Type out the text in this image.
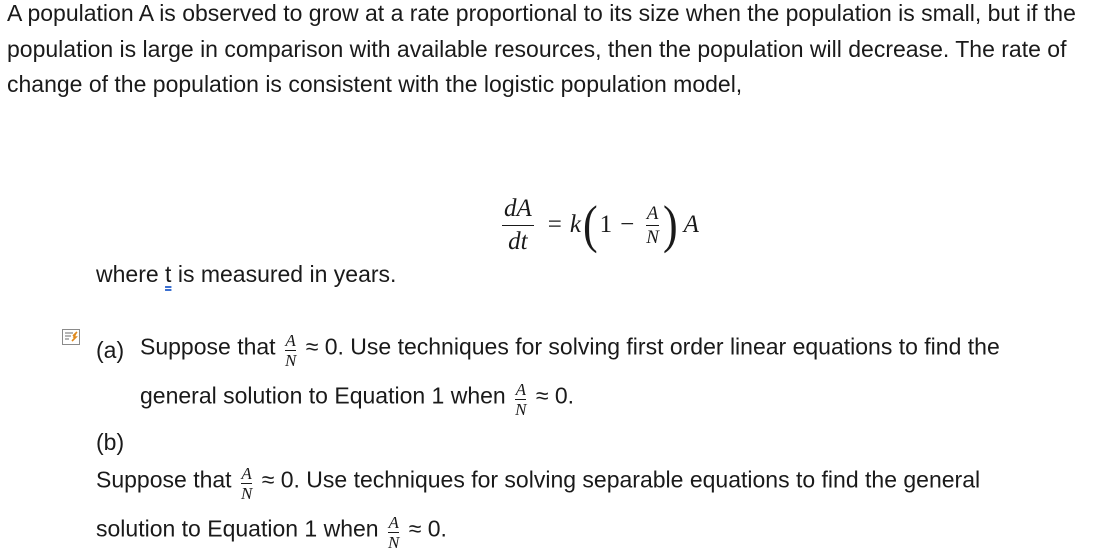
A population A is observed to grow at a rate proportional to its size when the population is small, but if the population is large in comparison with available resources, then the population will decrease. The rate of change of the population is consistent with the logistic population model,

$\frac{dA}{dt} = k$ ( $1 - \frac{A}{N}$ ) A
where t is measured in years.
(a) Suppose that $\frac{A}{N} \approx 0$. Use techniques for solving first order linear equations to find the
general solution to Equation 1 when $\frac{A}{N} \approx 0$.
(b)
Suppose that $\frac{A}{N} \approx 0$. Use techniques for solving separable equations to find the general
solution to Equation 1 when $\frac{A}{N} \approx 0$.
